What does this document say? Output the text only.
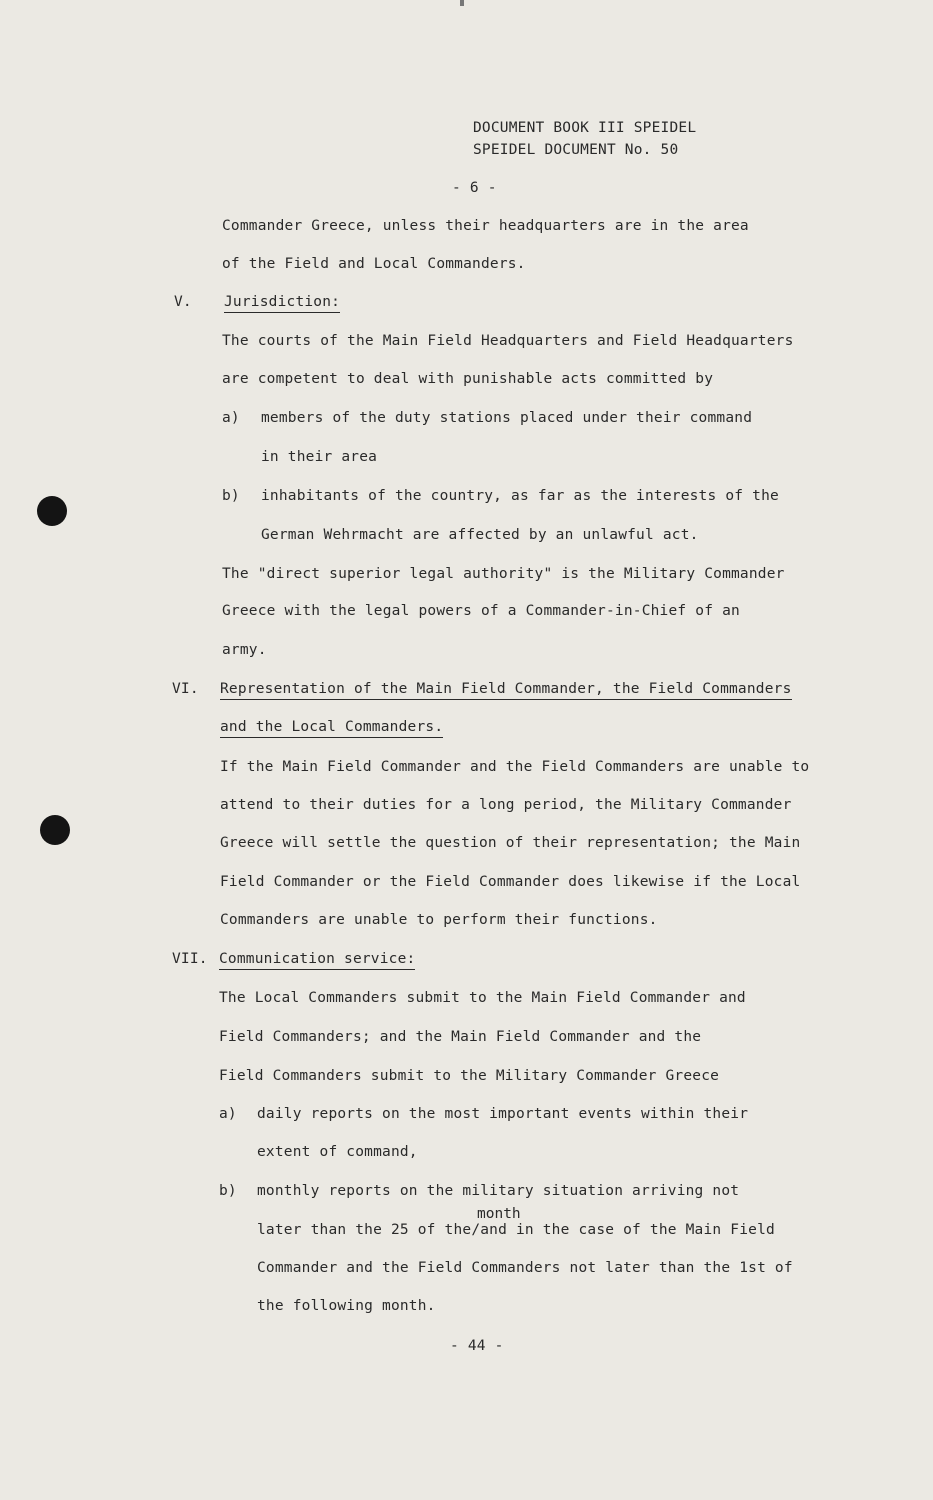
DOCUMENT BOOK III SPEIDEL
SPEIDEL DOCUMENT No. 50
- 6 -
Commander Greece, unless their headquarters are in the area
of the Field and Local Commanders.
V. Jurisdiction:
The courts of the Main Field Headquarters and Field Headquarters
are competent to deal with punishable acts committed by
a) members of the duty stations placed under their command
in their area
b) inhabitants of the country, as far as the interests of the
German Wehrmacht are affected by an unlawful act.
The "direct superior legal authority" is the Military Commander
Greece with the legal powers of a Commander-in-Chief of an
army.
VI. Representation of the Main Field Commander, the Field Commanders
and the Local Commanders.
If the Main Field Commander and the Field Commanders are unable to
attend to their duties for a long period, the Military Commander
Greece will settle the question of their representation; the Main
Field Commander or the Field Commander does likewise if the Local
Commanders are unable to perform their functions.
VII. Communication service:
The Local Commanders submit to the Main Field Commander and
Field Commanders; and the Main Field Commander and the
Field Commanders submit to the Military Commander Greece
a) daily reports on the most important events within their
extent of command,
b) monthly reports on the military situation arriving not
month
later than the 25 of the/and in the case of the Main Field
Commander and the Field Commanders not later than the 1st of
the following month.
- 44 -
